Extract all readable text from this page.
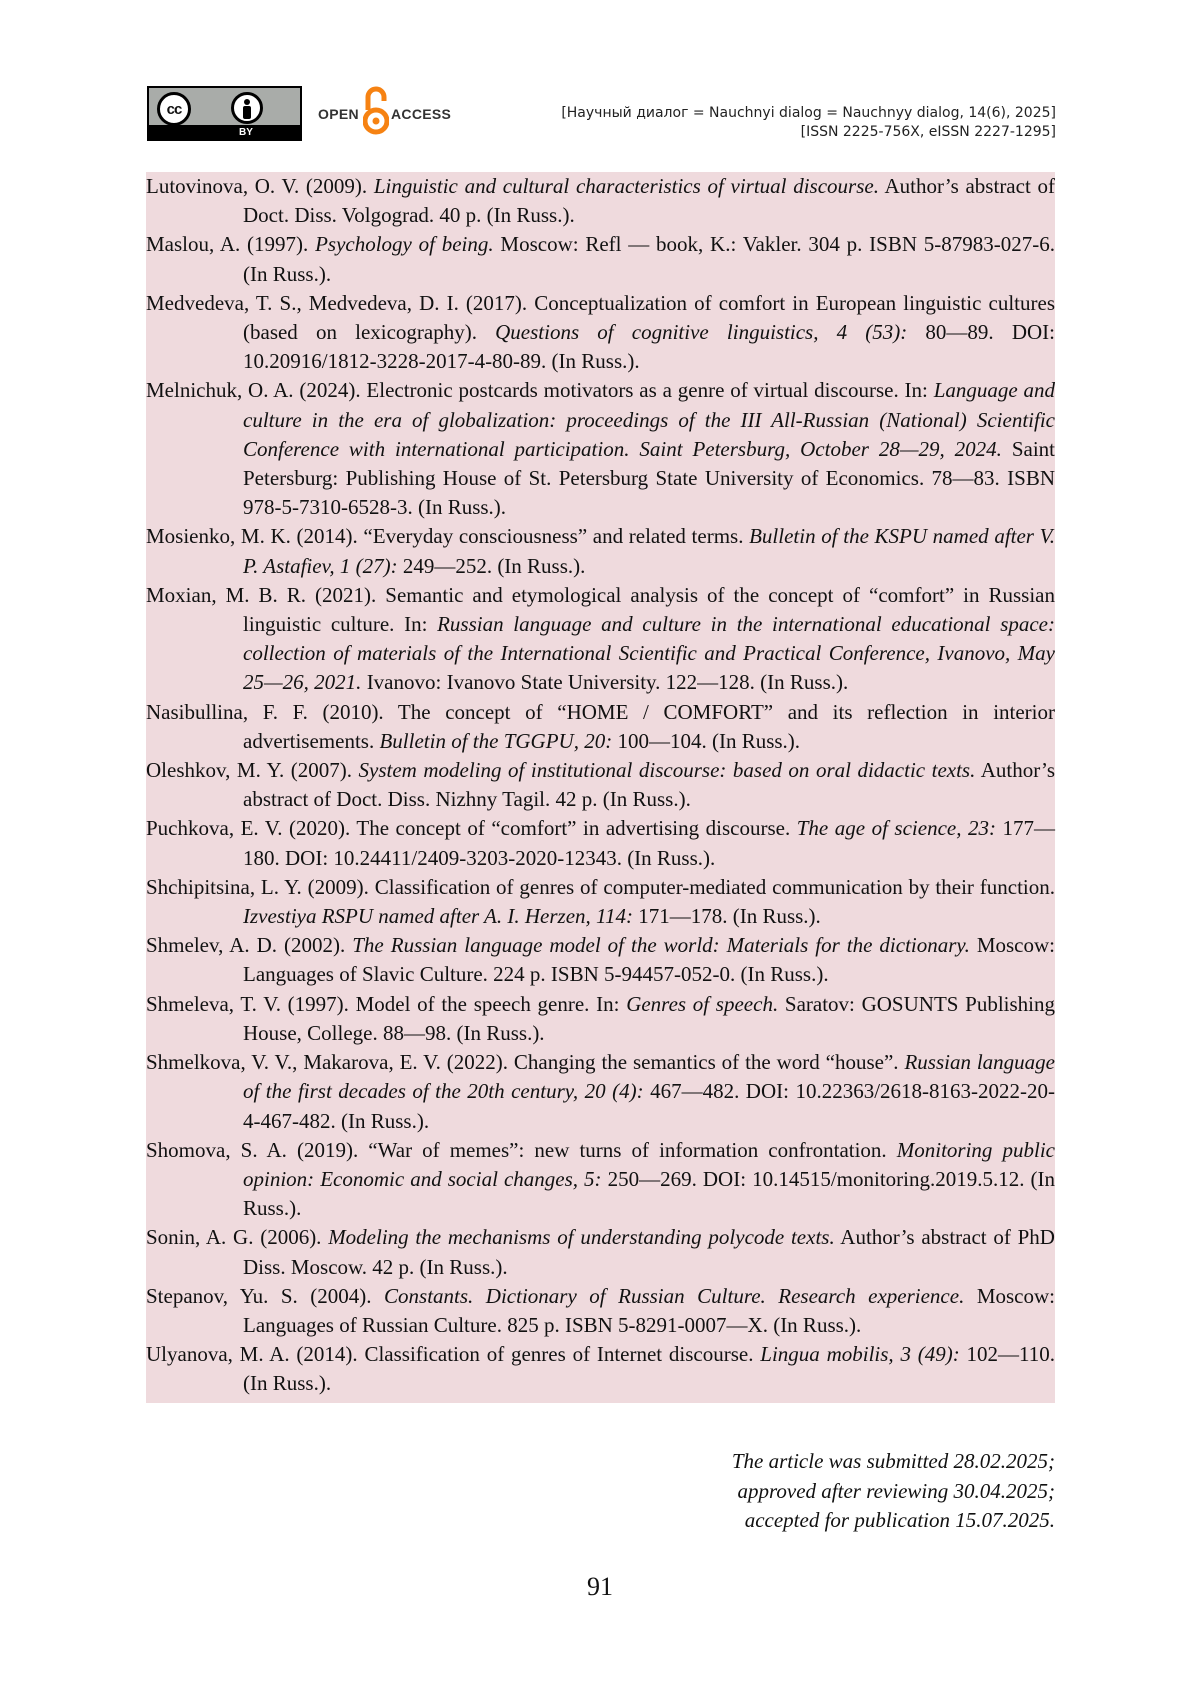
cc
BY
OPEN ACCESS	[Научный диалог = Nauchnyi dialog = Nauchnyy dialog, 14(6), 2025]
[ISSN 2225-756X, eISSN 2227-1295]

Lutovinova, O. V. (2009). Linguistic and cultural characteristics of virtual discourse. Author’s abstract of Doct. Diss. Volgograd. 40 p. (In Russ.).

Maslou, A. (1997). Psychology of being. Moscow: Refl — book, K.: Vakler. 304 p. ISBN 5-87983-027-6. (In Russ.).

Medvedeva, T. S., Medvedeva, D. I. (2017). Conceptualization of comfort in European linguistic cultures (based on lexicography). Questions of cognitive linguistics, 4 (53): 80—89. DOI: 10.20916/1812-3228-2017-4-80-89. (In Russ.).

Melnichuk, O. A. (2024). Electronic postcards motivators as a genre of virtual discourse. In: Language and culture in the era of globalization: proceedings of the III All-Russian (National) Scientific Conference with international participation. Saint Petersburg, October 28—29, 2024. Saint Petersburg: Publishing House of St. Petersburg State University of Economics. 78—83. ISBN 978-5-7310-6528-3. (In Russ.).

Mosienko, M. K. (2014). “Everyday consciousness” and related terms. Bulletin of the KSPU named after V. P. Astafiev, 1 (27): 249—252. (In Russ.).

Moxian, M. B. R. (2021). Semantic and etymological analysis of the concept of “comfort” in Russian linguistic culture. In: Russian language and culture in the international educational space: collection of materials of the International Scientific and Practical Conference, Ivanovo, May 25—26, 2021. Ivanovo: Ivanovo State University. 122—128. (In Russ.).

Nasibullina, F. F. (2010). The concept of “HOME / COMFORT” and its reflection in interior advertisements. Bulletin of the TGGPU, 20: 100—104. (In Russ.).

Oleshkov, M. Y. (2007). System modeling of institutional discourse: based on oral didactic texts. Author’s abstract of Doct. Diss. Nizhny Tagil. 42 p. (In Russ.).

Puchkova, E. V. (2020). The concept of “comfort” in advertising discourse. The age of science, 23: 177—180. DOI: 10.24411/2409-3203-2020-12343. (In Russ.).

Shchipitsina, L. Y. (2009). Classification of genres of computer-mediated communication by their function. Izvestiya RSPU named after A. I. Herzen, 114: 171—178. (In Russ.).

Shmelev, A. D. (2002). The Russian language model of the world: Materials for the dictionary. Moscow: Languages of Slavic Culture. 224 p. ISBN 5-94457-052-0. (In Russ.).

Shmeleva, T. V. (1997). Model of the speech genre. In: Genres of speech. Saratov: GOSUNTS Publishing House, College. 88—98. (In Russ.).

Shmelkova, V. V., Makarova, E. V. (2022). Changing the semantics of the word “house”. Russian language of the first decades of the 20th century, 20 (4): 467—482. DOI: 10.22363/2618-8163-2022-20-4-467-482. (In Russ.).

Shomova, S. A. (2019). “War of memes”: new turns of information confrontation. Monitoring public opinion: Economic and social changes, 5: 250—269. DOI: 10.14515/monitoring.2019.5.12. (In Russ.).

Sonin, A. G. (2006). Modeling the mechanisms of understanding polycode texts. Author’s abstract of PhD Diss. Moscow. 42 p. (In Russ.).

Stepanov, Yu. S. (2004). Constants. Dictionary of Russian Culture. Research experience. Moscow: Languages of Russian Culture. 825 p. ISBN 5-8291-0007—X. (In Russ.).

Ulyanova, M. A. (2014). Classification of genres of Internet discourse. Lingua mobilis, 3 (49): 102—110. (In Russ.).

The article was submitted 28.02.2025;
approved after reviewing 30.04.2025;
accepted for publication 15.07.2025.
91
